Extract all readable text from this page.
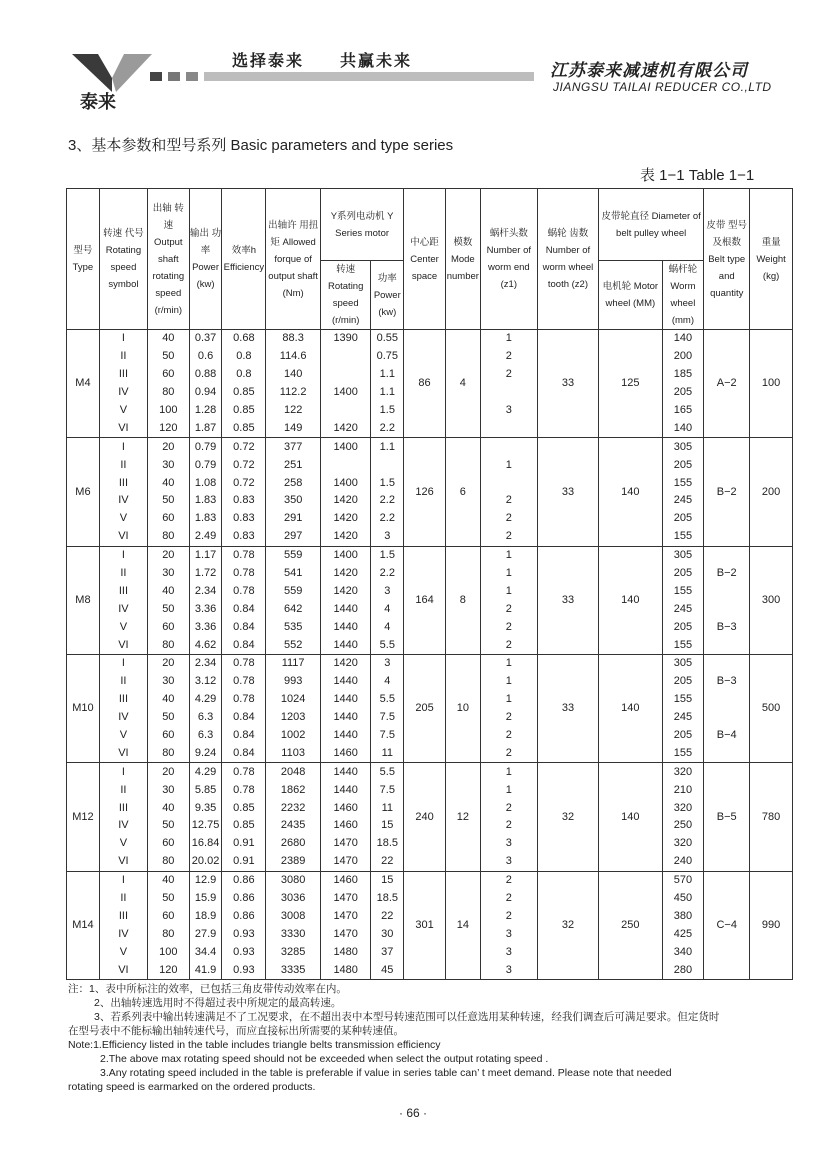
泰来
选择泰来　　共赢未来
江苏泰来减速机有限公司
JIANGSU TAILAI REDUCER CO.,LTD
3、基本参数和型号系列 Basic parameters and type series
表 1−1 Table 1−1
型号 Type	转速 代号 Rotating speed symbol	出轴 转速 Output shaft rotating speed (r/min)	输出 功率 Power (kw)	效率h Efficiency	出轴许 用扭矩 Allowed forque of output shaft (Nm)	Y系列电动机 Y Series motor		中心距 Center space	模数 Mode number	蜗杆头数 Number of worm end (z1)	蜗轮 齿数 Number of worm wheel tooth (z2)	皮带轮直径 Diameter of belt pulley wheel		皮带 型号 及根数 Belt type and quantity	重量 Weight (kg)
						转速 Rotating speed (r/min)	功率 Power (kw)					电机轮 Motor wheel (MM)	蜗杆轮 Worm wheel (mm)		
M4	I	40	0.37	0.68	88.3	1390	0.55	86	4	1	33	125	140	A−2	100
	II	50	0.6	0.8	114.6		0.75			2			200		
	III	60	0.88	0.8	140		1.1			2			185		
	IV	80	0.94	0.85	112.2	1400	1.1						205		
	V	100	1.28	0.85	122		1.5			3			165		
	VI	120	1.87	0.85	149	1420	2.2						140		
M6	I	20	0.79	0.72	377	1400	1.1	126	6		33	140	305	B−2	200
	II	30	0.79	0.72	251					1			205		
	III	40	1.08	0.72	258	1400	1.5						155		
	IV	50	1.83	0.83	350	1420	2.2			2			245		
	V	60	1.83	0.83	291	1420	2.2			2			205		
	VI	80	2.49	0.83	297	1420	3			2			155		
M8	I	20	1.17	0.78	559	1400	1.5	164	8	1	33	140	305		300
	II	30	1.72	0.78	541	1420	2.2			1			205	B−2	
	III	40	2.34	0.78	559	1420	3			1			155		
	IV	50	3.36	0.84	642	1440	4			2			245		
	V	60	3.36	0.84	535	1440	4			2			205	B−3	
	VI	80	4.62	0.84	552	1440	5.5			2			155		
M10	I	20	2.34	0.78	1117	1420	3	205	10	1	33	140	305		500
	II	30	3.12	0.78	993	1440	4			1			205	B−3	
	III	40	4.29	0.78	1024	1440	5.5			1			155		
	IV	50	6.3	0.84	1203	1440	7.5			2			245		
	V	60	6.3	0.84	1002	1440	7.5			2			205	B−4	
	VI	80	9.24	0.84	1103	1460	11			2			155		
M12	I	20	4.29	0.78	2048	1440	5.5	240	12	1	32	140	320	B−5	780
	II	30	5.85	0.78	1862	1440	7.5			1			210		
	III	40	9.35	0.85	2232	1460	11			2			320		
	IV	50	12.75	0.85	2435	1460	15			2			250		
	V	60	16.84	0.91	2680	1470	18.5			3			320		
	VI	80	20.02	0.91	2389	1470	22			3			240		
M14	I	40	12.9	0.86	3080	1460	15	301	14	2	32	250	570	C−4	990
	II	50	15.9	0.86	3036	1470	18.5			2			450		
	III	60	18.9	0.86	3008	1470	22			2			380		
	IV	80	27.9	0.93	3330	1470	30			3			425		
	V	100	34.4	0.93	3285	1480	37			3			340		
	VI	120	41.9	0.93	3335	1480	45			3			280		
注：1、表中所标注的效率，已包括三角皮带传动效率在内。
2、出轴转速选用时不得超过表中所规定的最高转速。
3、若系列表中输出转速满足不了工况要求，在不超出表中本型号转速范围可以任意选用某种转速，经我们调查后可满足要求。但定货时
在型号表中不能标输出轴转速代号，而应直接标出所需要的某种转速值。
Note:1.Efficiency listed in the table includes triangle belts transmission efficiency
2.The above max rotating speed should not be exceeded when select the output rotating speed .
3.Any rotating speed included in the table is preferable if value in series table can’ t meet demand. Please note that needed
rotating speed is earmarked on the ordered products.
· 66 ·
